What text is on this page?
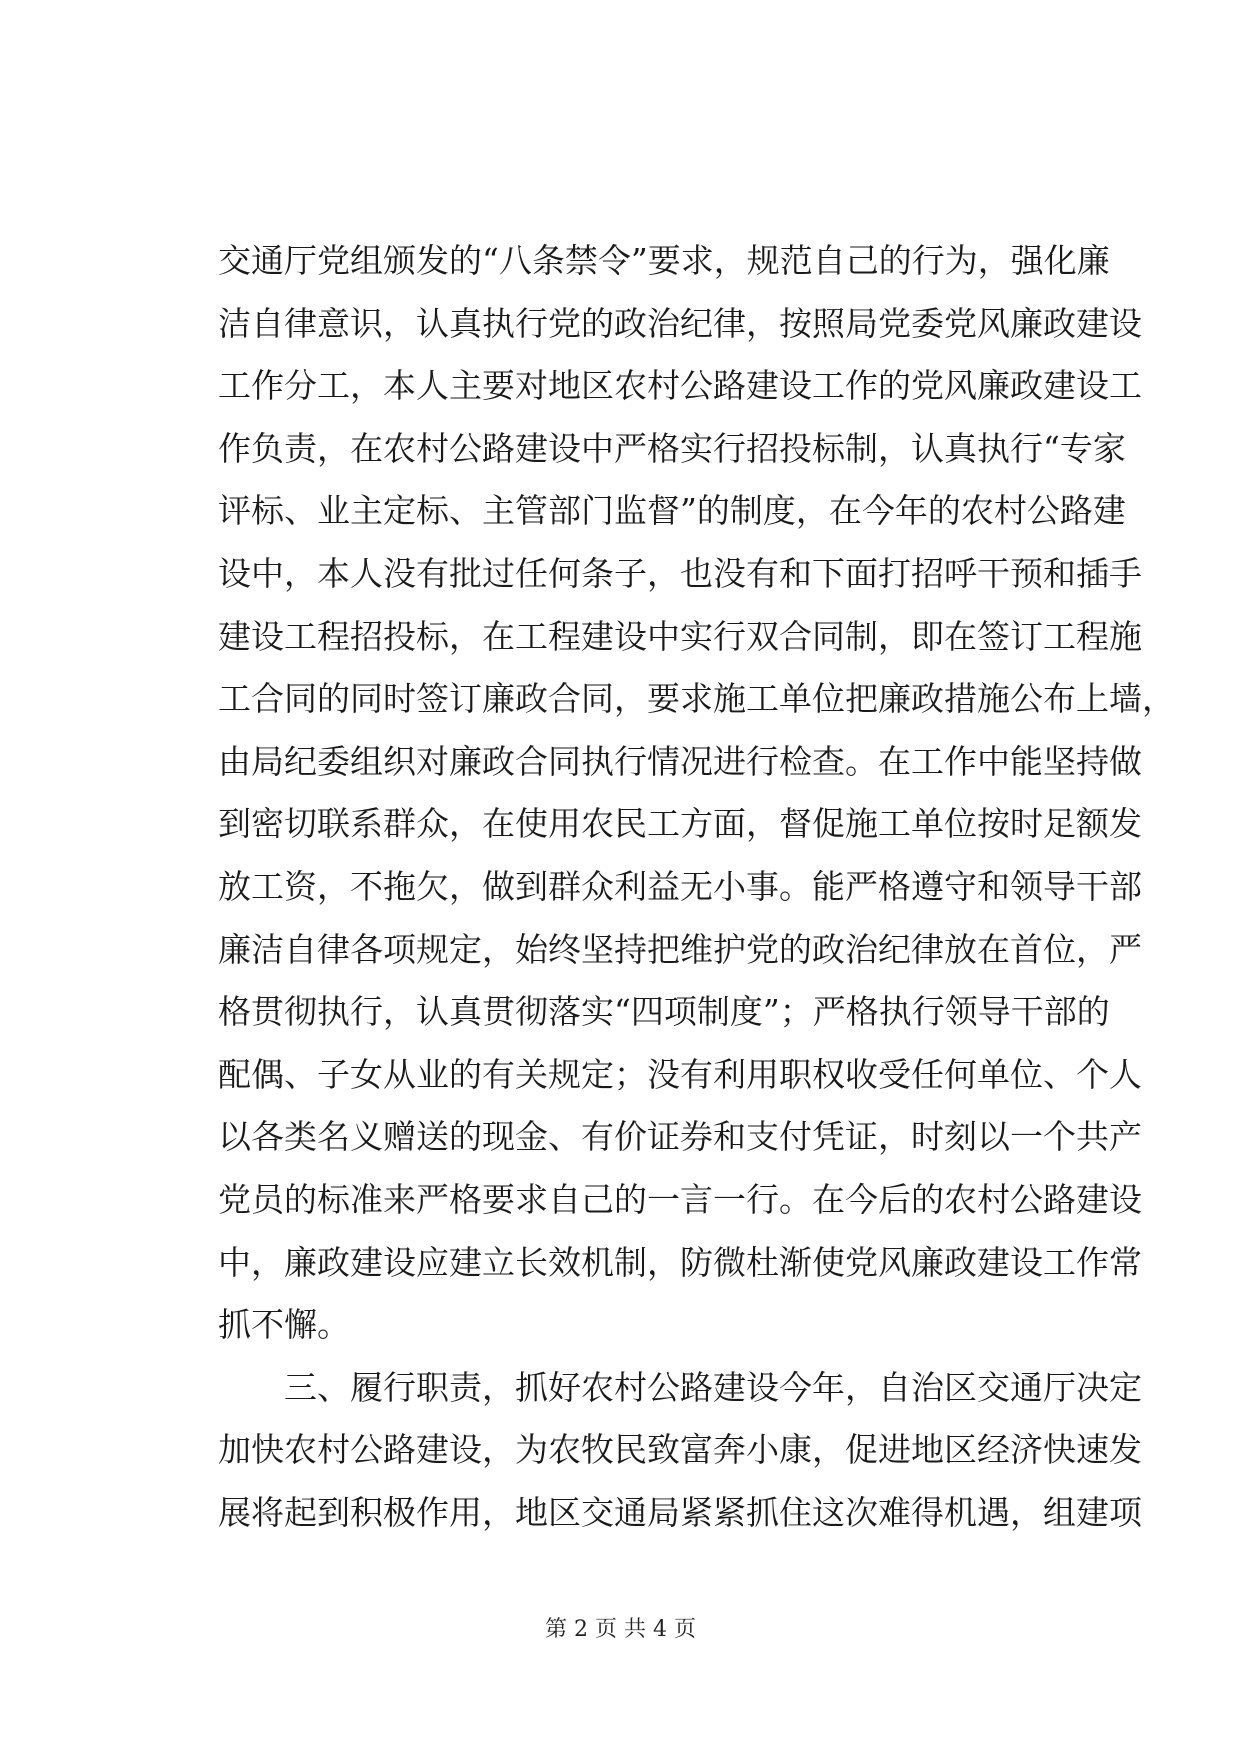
交通厅党组颁发的“八条禁令”要求，规范自己的行为，强化廉
洁自律意识，认真执行党的政治纪律，按照局党委党风廉政建设
工作分工，本人主要对地区农村公路建设工作的党风廉政建设工
作负责，在农村公路建设中严格实行招投标制，认真执行“专家
评标、业主定标、主管部门监督”的制度，在今年的农村公路建
设中，本人没有批过任何条子，也没有和下面打招呼干预和插手
建设工程招投标，在工程建设中实行双合同制，即在签订工程施
工合同的同时签订廉政合同，要求施工单位把廉政措施公布上墙，
由局纪委组织对廉政合同执行情况进行检查。在工作中能坚持做
到密切联系群众，在使用农民工方面，督促施工单位按时足额发
放工资，不拖欠，做到群众利益无小事。能严格遵守和领导干部
廉洁自律各项规定，始终坚持把维护党的政治纪律放在首位，严
格贯彻执行，认真贯彻落实“四项制度”；严格执行领导干部的
配偶、子女从业的有关规定；没有利用职权收受任何单位、个人
以各类名义赠送的现金、有价证券和支付凭证，时刻以一个共产
党员的标准来严格要求自己的一言一行。在今后的农村公路建设
中，廉政建设应建立长效机制，防微杜渐使党风廉政建设工作常
抓不懈。
三、履行职责，抓好农村公路建设今年，自治区交通厅决定
加快农村公路建设，为农牧民致富奔小康，促进地区经济快速发
展将起到积极作用，地区交通局紧紧抓住这次难得机遇，组建项
第 2 页 共 4 页
